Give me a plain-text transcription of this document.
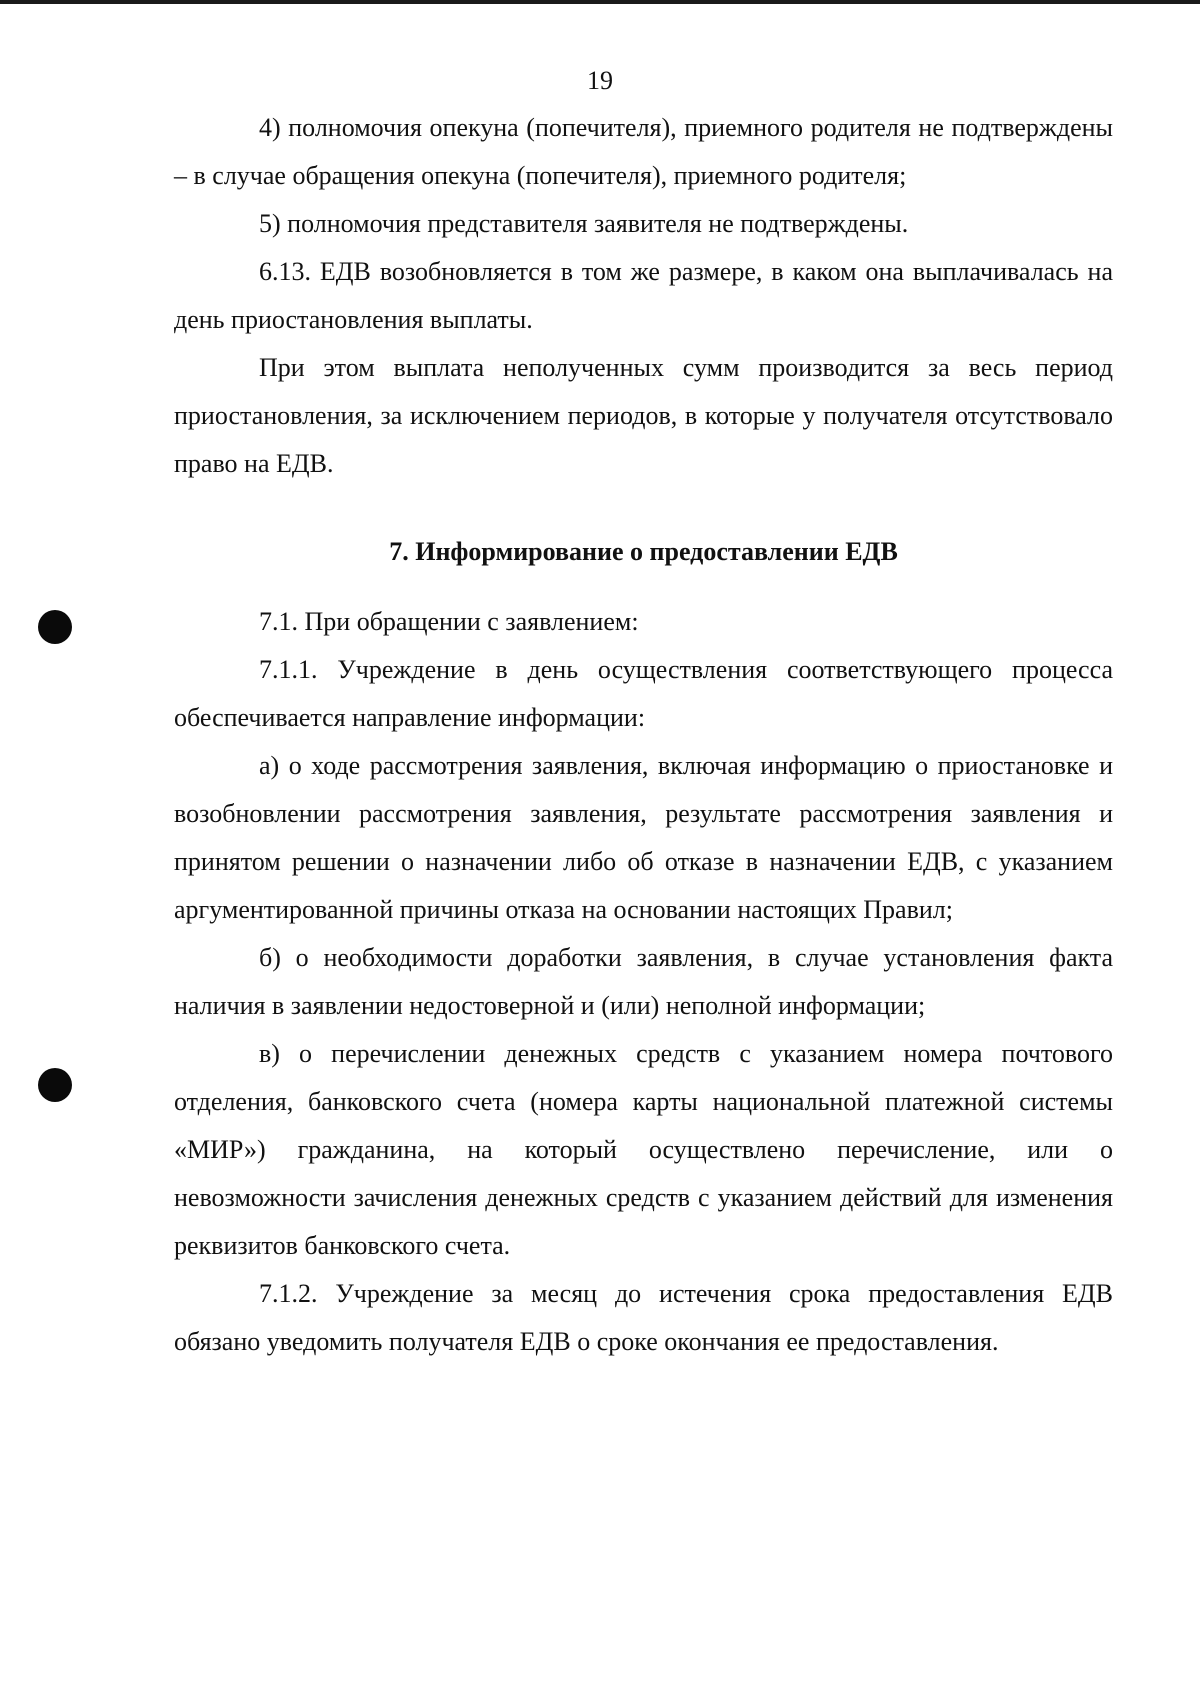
19

4) полномочия опекуна (попечителя), приемного родителя не подтверждены – в случае обращения опекуна (попечителя), приемного родителя;

5) полномочия представителя заявителя не подтверждены.

6.13. ЕДВ возобновляется в том же размере, в каком она выплачивалась на день приостановления выплаты.

При этом выплата неполученных сумм производится за весь период приостановления, за исключением периодов, в которые у получателя отсутствовало право на ЕДВ.

7. Информирование о предоставлении ЕДВ

7.1. При обращении с заявлением:

7.1.1. Учреждение в день осуществления соответствующего процесса обеспечивается направление информации:

а) о ходе рассмотрения заявления, включая информацию о приостановке и возобновлении рассмотрения заявления, результате рассмотрения заявления и принятом решении о назначении либо об отказе в назначении ЕДВ, с указанием аргументированной причины отказа на основании настоящих Правил;

б) о необходимости доработки заявления, в случае установления факта наличия в заявлении недостоверной и (или) неполной информации;

в) о перечислении денежных средств с указанием номера почтового отделения, банковского счета (номера карты национальной платежной системы «МИР») гражданина, на который осуществлено перечисление, или о невозможности зачисления денежных средств с указанием действий для изменения реквизитов банковского счета.

7.1.2. Учреждение за месяц до истечения срока предоставления ЕДВ обязано уведомить получателя ЕДВ о сроке окончания ее предоставления.
